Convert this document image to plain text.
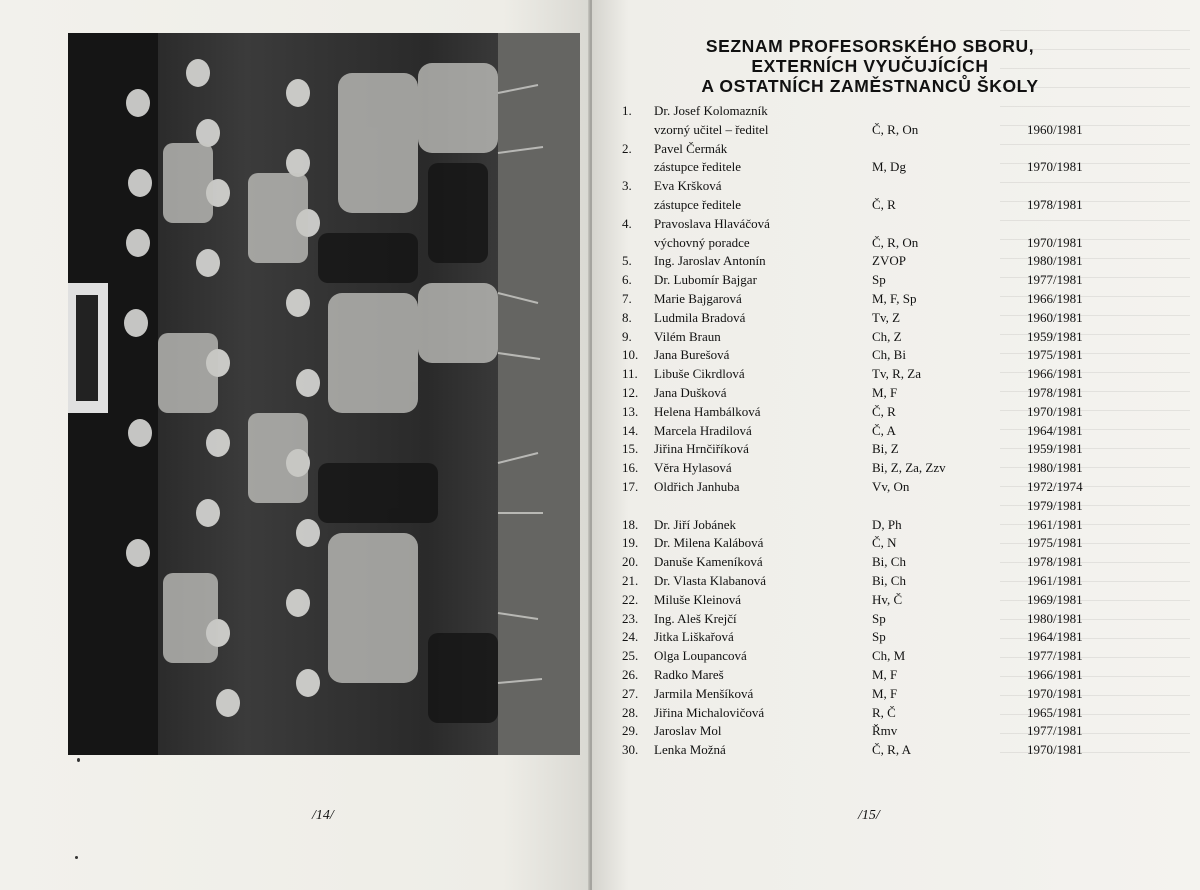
/14/
SEZNAM PROFESORSKÉHO SBORU,
EXTERNÍCH VYUČUJÍCÍCH
A OSTATNÍCH ZAMĚSTNANCŮ ŠKOLY
1.	Dr. Josef Kolomazník
vzorný učitel – ředitel	Č, R, On	1960/1981
2.	Pavel Čermák
zástupce ředitele	M, Dg	1970/1981
3.	Eva Kršková
zástupce ředitele	Č, R	1978/1981
4.	Pravoslava Hlaváčová
výchovný poradce	Č, R, On	1970/1981
5.	Ing. Jaroslav Antonín	ZVOP	1980/1981
6.	Dr. Lubomír Bajgar	Sp	1977/1981
7.	Marie Bajgarová	M, F, Sp	1966/1981
8.	Ludmila Bradová	Tv, Z	1960/1981
9.	Vilém Braun	Ch, Z	1959/1981
10.	Jana Burešová	Ch, Bi	1975/1981
11.	Libuše Cikrdlová	Tv, R, Za	1966/1981
12.	Jana Dušková	M, F	1978/1981
13.	Helena Hambálková	Č, R	1970/1981
14.	Marcela Hradilová	Č, A	1964/1981
15.	Jiřina Hrnčiříková	Bi, Z	1959/1981
16.	Věra Hylasová	Bi, Z, Za, Zzv	1980/1981
17.	Oldřich Janhuba	Vv, On	1972/1974
1979/1981
18.	Dr. Jiří Jobánek	D, Ph	1961/1981
19.	Dr. Milena Kalábová	Č, N	1975/1981
20.	Danuše Kameníková	Bi, Ch	1978/1981
21.	Dr. Vlasta Klabanová	Bi, Ch	1961/1981
22.	Miluše Kleinová	Hv, Č	1969/1981
23.	Ing. Aleš Krejčí	Sp	1980/1981
24.	Jitka Liškařová	Sp	1964/1981
25.	Olga Loupancová	Ch, M	1977/1981
26.	Radko Mareš	M, F	1966/1981
27.	Jarmila Menšíková	M, F	1970/1981
28.	Jiřina Michalovičová	R, Č	1965/1981
29.	Jaroslav Mol	Řmv	1977/1981
30.	Lenka Možná	Č, R, A	1970/1981
/15/
